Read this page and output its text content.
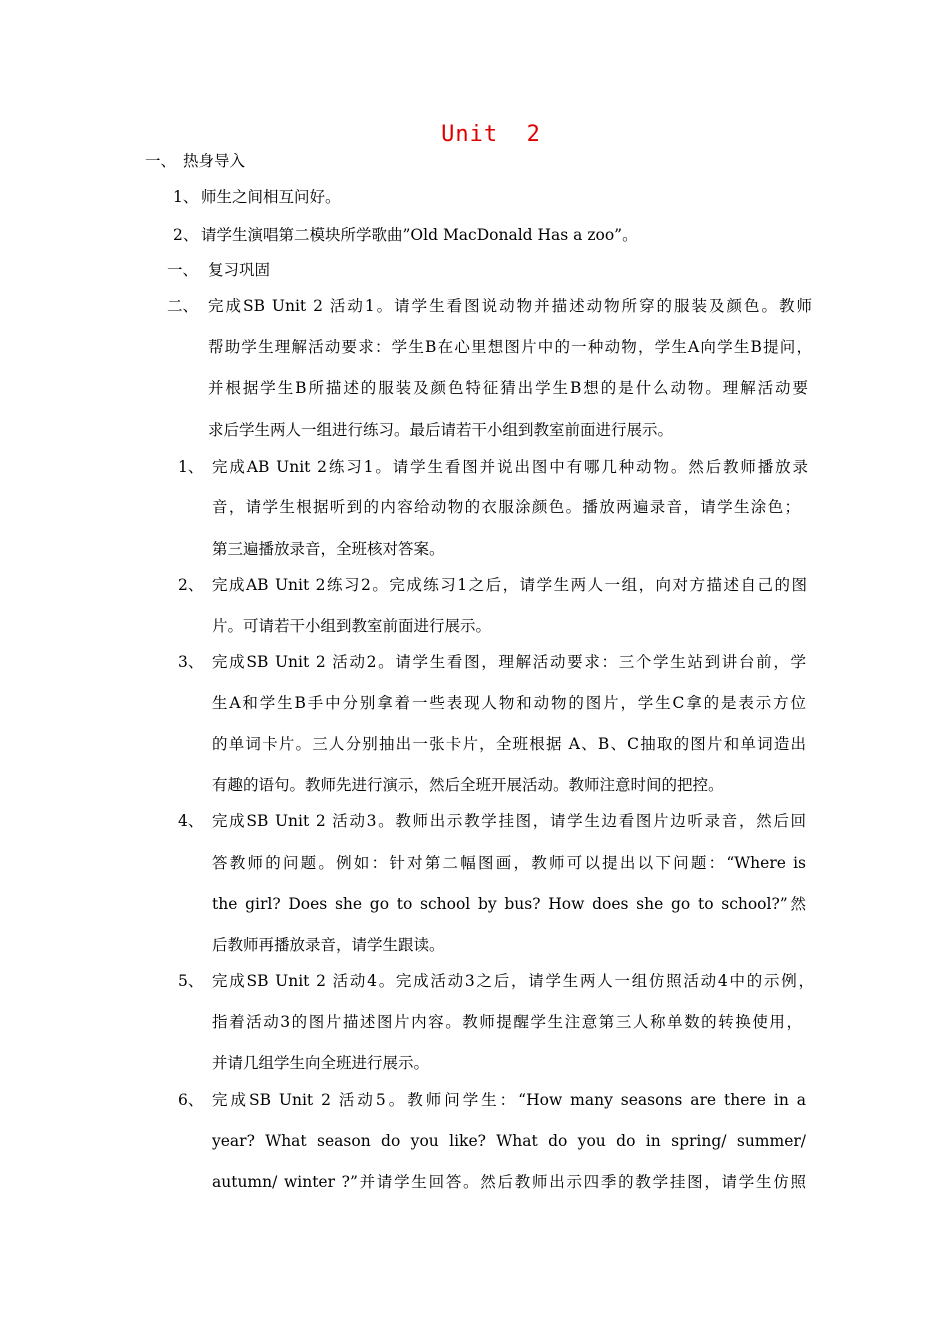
Unit  2
一、 热身导入
1、 师生之间相互问好。
2、 请学生演唱第二模块所学歌曲”Old MacDonald Has a zoo”。
一、 复习巩固
二、 完成SB Unit 2 活动1。请学生看图说动物并描述动物所穿的服装及颜色。教师
帮助学生理解活动要求：学生B在心里想图片中的一种动物，学生A向学生B提问，
并根据学生B所描述的服装及颜色特征猜出学生B想的是什么动物。理解活动要
求后学生两人一组进行练习。最后请若干小组到教室前面进行展示。
1、 完成AB Unit 2练习1。请学生看图并说出图中有哪几种动物。然后教师播放录
音，请学生根据听到的内容给动物的衣服涂颜色。播放两遍录音，请学生涂色；
第三遍播放录音，全班核对答案。
2、 完成AB Unit 2练习2。完成练习1之后，请学生两人一组，向对方描述自己的图
片。可请若干小组到教室前面进行展示。
3、 完成SB Unit 2 活动2。请学生看图，理解活动要求：三个学生站到讲台前，学
生A和学生B手中分别拿着一些表现人物和动物的图片，学生C拿的是表示方位
的单词卡片。三人分别抽出一张卡片，全班根据 A、B、C抽取的图片和单词造出
有趣的语句。教师先进行演示，然后全班开展活动。教师注意时间的把控。
4、 完成SB Unit 2 活动3。教师出示教学挂图，请学生边看图片边听录音，然后回
答教师的问题。例如：针对第二幅图画，教师可以提出以下问题：“Where is
the girl? Does she go to school by bus? How does she go to school?”然
后教师再播放录音，请学生跟读。
5、 完成SB Unit 2 活动4。完成活动3之后，请学生两人一组仿照活动4中的示例，
指着活动3的图片描述图片内容。教师提醒学生注意第三人称单数的转换使用，
并请几组学生向全班进行展示。
6、 完成SB Unit 2 活动5。教师问学生：“How many seasons are there in a
year? What season do you like? What do you do in spring/ summer/
autumn/ winter ?”并请学生回答。然后教师出示四季的教学挂图，请学生仿照
